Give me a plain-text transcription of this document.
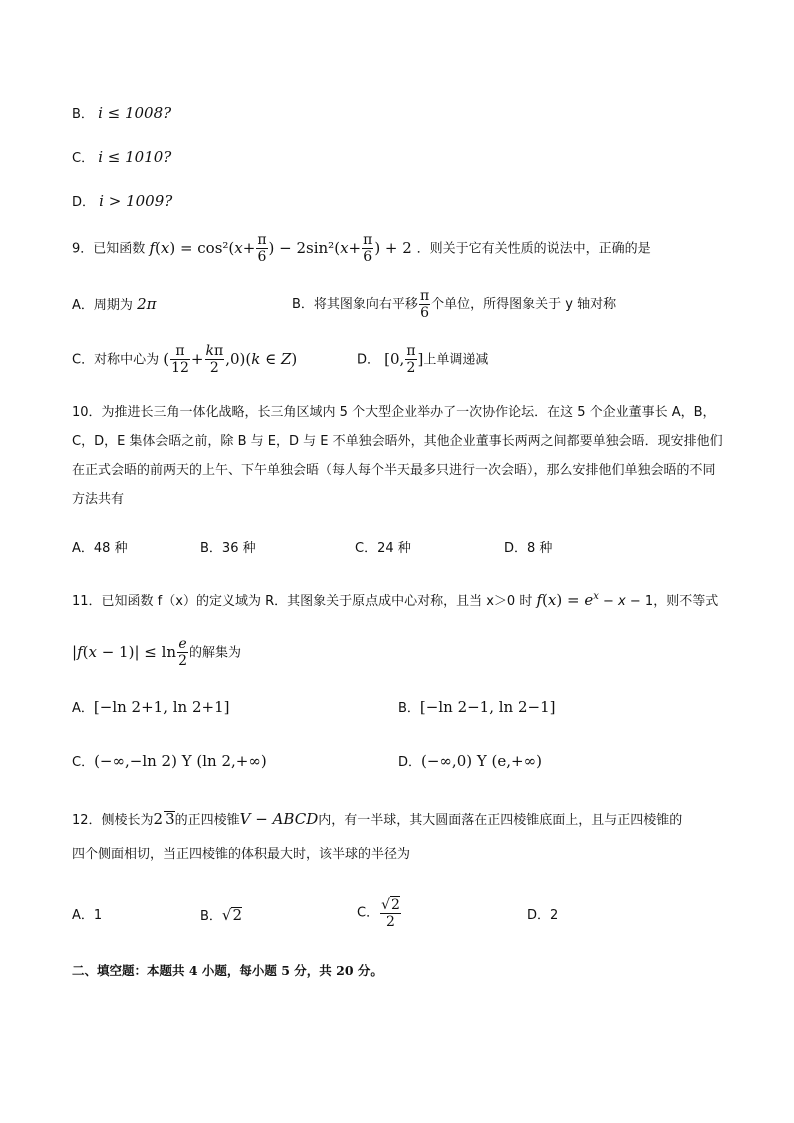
B． i ≤ 1008?
C． i ≤ 1010?
D． i > 1009?
9．已知函数 $f(x) = \cos^2(x+ \frac{\pi}{6}$ ) − $2\sin^2(x+ \frac{\pi}{6}$ ) + 2 ．则关于它有关性质的说法中，正确的是
A．周期为 2π	B．将其图象向右平移 $\frac{\pi}{6}$ 个单位，所得图象关于 y 轴对称
C．对称中心为 ( $\frac{\pi}{12} + \frac{k\pi}{2} ,0)(k$ ∈ Z)	D． [0, $\frac{\pi}{2}$ ]上单调递减
10．为推进长三角一体化战略，长三角区域内 5 个大型企业举办了一次协作论坛．在这 5 个企业董事长 A，B，C，D，E 集体会晤之前，除 B 与 E，D 与 E 不单独会晤外，其他企业董事长两两之间都要单独会晤．现安排他们在正式会晤的前两天的上午、下午单独会晤（每人每个半天最多只进行一次会晤），那么安排他们单独会晤的不同方法共有
A．48 种	B．36 种	C．24 种	D．8 种
11．已知函数 f（x）的定义域为 R．其图象关于原点成中心对称，且当 x＞0 时 $f(x) = e^x - x - 1$，则不等式
$|f(x - 1)| \le \ln \frac{e}{2}$ 的解集为
A．[−ln 2+1, ln 2+1]	B．[−ln 2−1, ln 2−1]
C．(−∞,−ln 2) Υ (ln 2,+∞)	D．(−∞,0) Υ (e,+∞)
12．侧棱长为2 3的正四棱锥V − ABCD内，有一半球，其大圆面落在正四棱锥底面上，且与正四棱锥的
四个侧面相切，当正四棱锥的体积最大时，该半球的半径为
A．1	B．√2	C． $\frac{√2}{2}$	D．2
二、填空题：本题共 4 小题，每小题 5 分，共 20 分。
